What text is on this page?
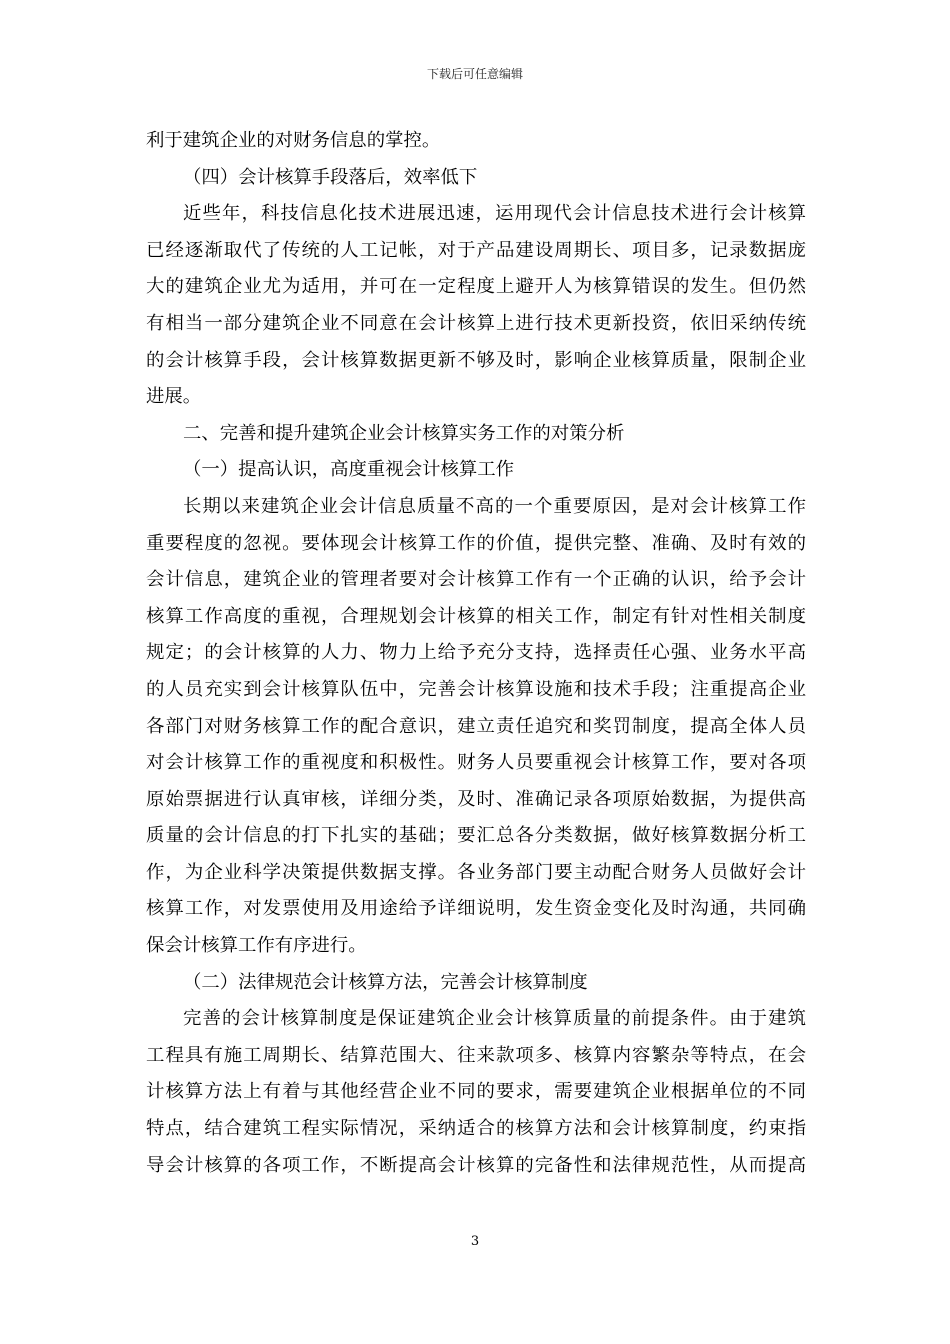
下载后可任意编辑
利于建筑企业的对财务信息的掌控。
（四）会计核算手段落后，效率低下
近些年，科技信息化技术进展迅速，运用现代会计信息技术进行会计核算
已经逐渐取代了传统的人工记帐，对于产品建设周期长、项目多，记录数据庞
大的建筑企业尤为适用，并可在一定程度上避开人为核算错误的发生。但仍然
有相当一部分建筑企业不同意在会计核算上进行技术更新投资，依旧采纳传统
的会计核算手段，会计核算数据更新不够及时，影响企业核算质量，限制企业
进展。
二、完善和提升建筑企业会计核算实务工作的对策分析
（一）提高认识，高度重视会计核算工作
长期以来建筑企业会计信息质量不高的一个重要原因，是对会计核算工作
重要程度的忽视。要体现会计核算工作的价值，提供完整、准确、及时有效的
会计信息，建筑企业的管理者要对会计核算工作有一个正确的认识，给予会计
核算工作高度的重视，合理规划会计核算的相关工作，制定有针对性相关制度
规定；的会计核算的人力、物力上给予充分支持，选择责任心强、业务水平高
的人员充实到会计核算队伍中，完善会计核算设施和技术手段；注重提高企业
各部门对财务核算工作的配合意识，建立责任追究和奖罚制度，提高全体人员
对会计核算工作的重视度和积极性。财务人员要重视会计核算工作，要对各项
原始票据进行认真审核，详细分类，及时、准确记录各项原始数据，为提供高
质量的会计信息的打下扎实的基础；要汇总各分类数据，做好核算数据分析工
作，为企业科学决策提供数据支撑。各业务部门要主动配合财务人员做好会计
核算工作，对发票使用及用途给予详细说明，发生资金变化及时沟通，共同确
保会计核算工作有序进行。
（二）法律规范会计核算方法，完善会计核算制度
完善的会计核算制度是保证建筑企业会计核算质量的前提条件。由于建筑
工程具有施工周期长、结算范围大、往来款项多、核算内容繁杂等特点，在会
计核算方法上有着与其他经营企业不同的要求，需要建筑企业根据单位的不同
特点，结合建筑工程实际情况，采纳适合的核算方法和会计核算制度，约束指
导会计核算的各项工作，不断提高会计核算的完备性和法律规范性，从而提高
3
